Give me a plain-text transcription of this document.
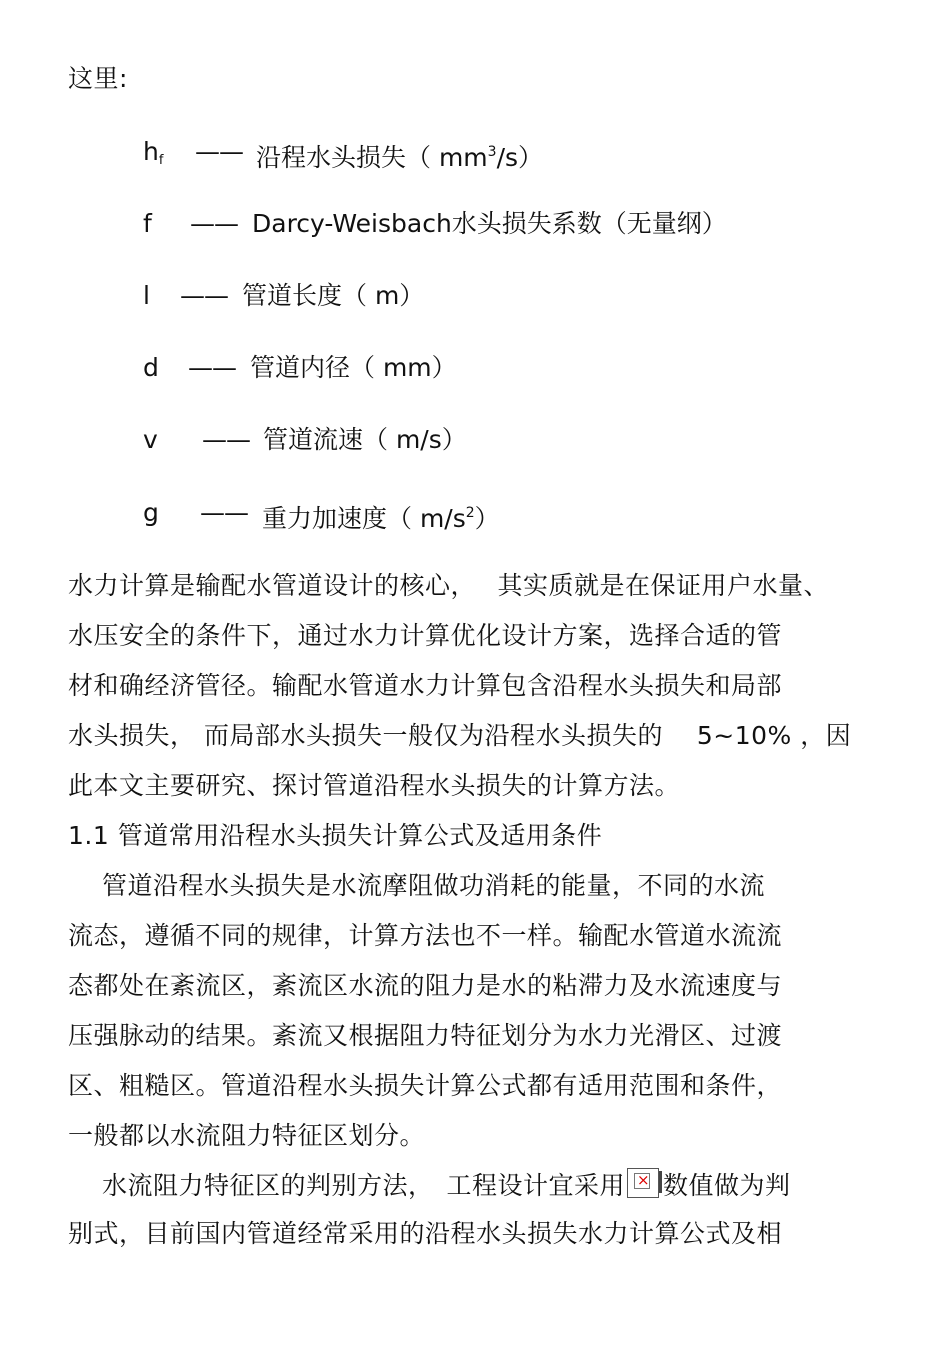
这里:
$h_f$ —— 沿程水头损失（ $mm^3/s$）
f —— Darcy-Weisbach水头损失系数（无量纲）
l —— 管道长度（ m）
d —— 管道内径（ mm）
v —— 管道流速（ m/s）
g —— 重力加速度（ $m/s^2$）
水力计算是输配水管道设计的核心，　 其实质就是在保证用户水量、
水压安全的条件下，通过水力计算优化设计方案，选择合适的管
材和确经济管径。输配水管道水力计算包含沿程水头损失和局部
水头损失， 而局部水头损失一般仅为沿程水头损失的　 5~10% ，因
此本文主要研究、探讨管道沿程水头损失的计算方法。
1.1 管道常用沿程水头损失计算公式及适用条件
　 管道沿程水头损失是水流摩阻做功消耗的能量，不同的水流
流态，遵循不同的规律，计算方法也不一样。输配水管道水流流
态都处在紊流区，紊流区水流的阻力是水的粘滞力及水流速度与
压强脉动的结果。紊流又根据阻力特征划分为水力光滑区、过渡
区、粗糙区。管道沿程水头损失计算公式都有适用范围和条件，
一般都以水流阻力特征区划分。
　 水流阻力特征区的判别方法，　工程设计宜采用
× 数值做为判
别式，目前国内管道经常采用的沿程水头损失水力计算公式及相
